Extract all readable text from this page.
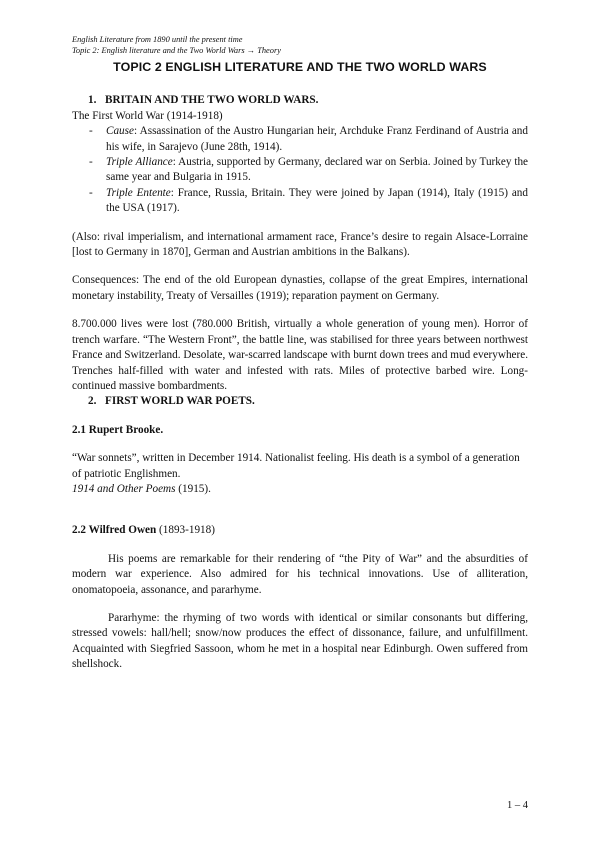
English Literature from 1890 until the present time
Topic 2: English literature and the Two World Wars → Theory
TOPIC 2 ENGLISH LITERATURE AND THE TWO WORLD WARS
1. BRITAIN AND THE TWO WORLD WARS.

The First World War (1914-1918)

- Cause: Assassination of the Austro Hungarian heir, Archduke Franz Ferdinand of Austria and his wife, in Sarajevo (June 28th, 1914).
- Triple Alliance: Austria, supported by Germany, declared war on Serbia. Joined by Turkey the same year and Bulgaria in 1915.
- Triple Entente: France, Russia, Britain. They were joined by Japan (1914), Italy (1915) and the USA (1917).

(Also: rival imperialism, and international armament race, France’s desire to regain Alsace-Lorraine [lost to Germany in 1870], German and Austrian ambitions in the Balkans).

Consequences: The end of the old European dynasties, collapse of the great Empires, international monetary instability, Treaty of Versailles (1919); reparation payment on Germany.

8.700.000 lives were lost (780.000 British, virtually a whole generation of young men). Horror of trench warfare. “The Western Front”, the battle line, was stabilised for three years between northwest France and Switzerland. Desolate, war-scarred landscape with burnt down trees and mud everywhere. Trenches half-filled with water and infested with rats. Miles of protective barbed wire. Long-continued massive bombardments.

2. FIRST WORLD WAR POETS.

2.1 Rupert Brooke.

“War sonnets”, written in December 1914. Nationalist feeling. His death is a symbol of a generation of patriotic Englishmen.

1914 and Other Poems (1915).

2.2 Wilfred Owen (1893-1918)

His poems are remarkable for their rendering of “the Pity of War” and the absurdities of modern war experience. Also admired for his technical innovations. Use of alliteration, onomatopoeia, assonance, and pararhyme.

Pararhyme: the rhyming of two words with identical or similar consonants but differing, stressed vowels: hall/hell; snow/now produces the effect of dissonance, failure, and unfulfillment. Acquainted with Siegfried Sassoon, whom he met in a hospital near Edinburgh. Owen suffered from shellshock.

1 – 4
